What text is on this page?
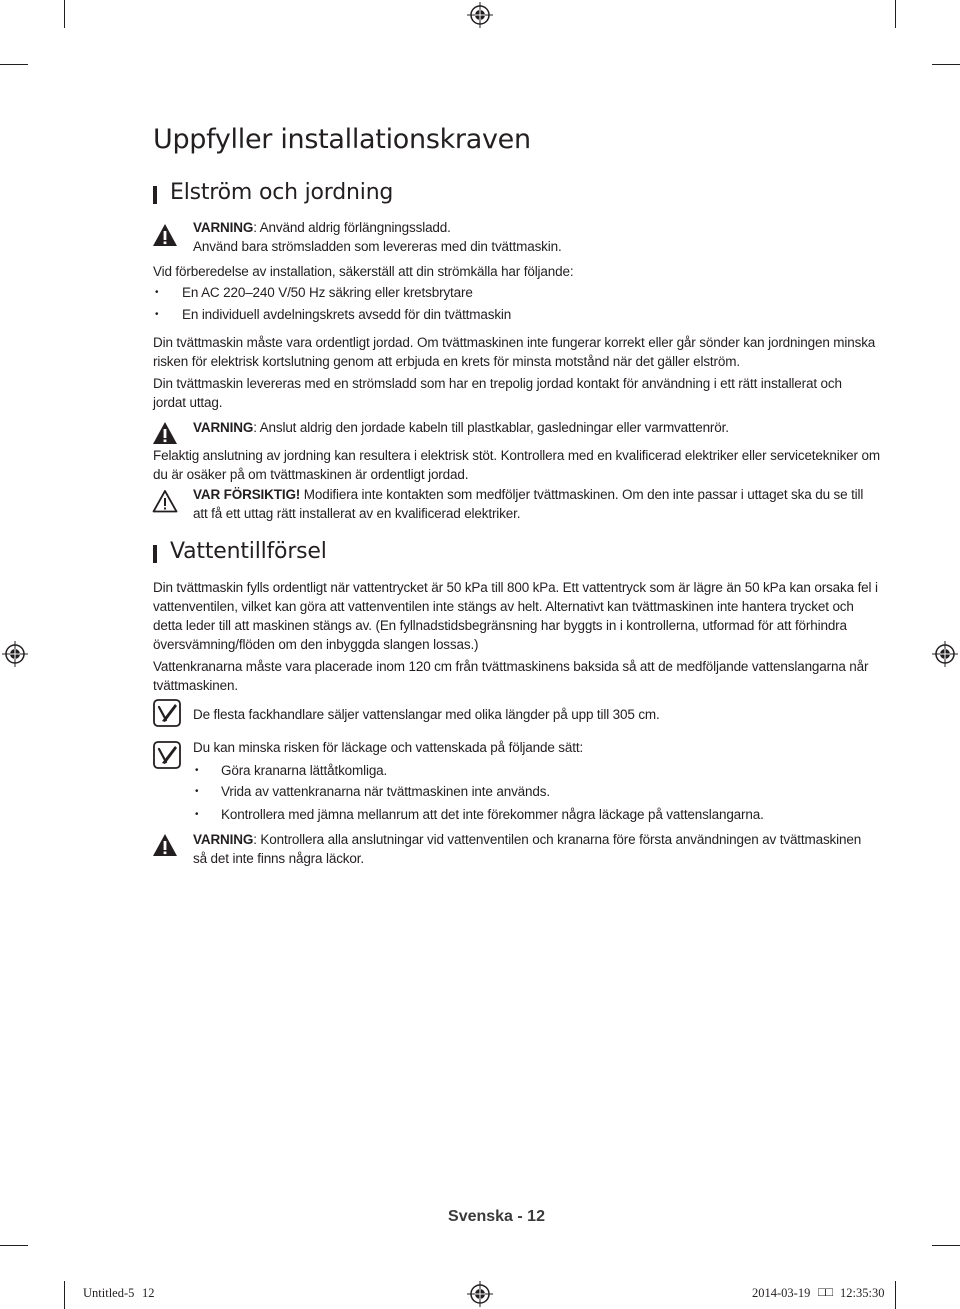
Uppfyller installationskraven
Elström och jordning
VARNING: Använd aldrig förlängningssladd.
Använd bara strömsladden som levereras med din tvättmaskin.
Vid förberedelse av installation, säkerställ att din strömkälla har följande:
• En AC 220–240 V/50 Hz säkring eller kretsbrytare
• En individuell avdelningskrets avsedd för din tvättmaskin
Din tvättmaskin måste vara ordentligt jordad. Om tvättmaskinen inte fungerar korrekt eller går sönder kan jordningen minska
risken för elektrisk kortslutning genom att erbjuda en krets för minsta motstånd när det gäller elström.
Din tvättmaskin levereras med en strömsladd som har en trepolig jordad kontakt för användning i ett rätt installerat och
jordat uttag.
VARNING: Anslut aldrig den jordade kabeln till plastkablar, gasledningar eller varmvattenrör.
Felaktig anslutning av jordning kan resultera i elektrisk stöt. Kontrollera med en kvalificerad elektriker eller servicetekniker om
du är osäker på om tvättmaskinen är ordentligt jordad.
VAR FÖRSIKTIG! Modifiera inte kontakten som medföljer tvättmaskinen. Om den inte passar i uttaget ska du se till
att få ett uttag rätt installerat av en kvalificerad elektriker.
Vattentillförsel
Din tvättmaskin fylls ordentligt när vattentrycket är 50 kPa till 800 kPa. Ett vattentryck som är lägre än 50 kPa kan orsaka fel i
vattenventilen, vilket kan göra att vattenventilen inte stängs av helt. Alternativt kan tvättmaskinen inte hantera trycket och
detta leder till att maskinen stängs av. (En fyllnadstidsbegränsning har byggts in i kontrollerna, utformad för att förhindra
översvämning/flöden om den inbyggda slangen lossas.)
Vattenkranarna måste vara placerade inom 120 cm från tvättmaskinens baksida så att de medföljande vattenslangarna når
tvättmaskinen.
De flesta fackhandlare säljer vattenslangar med olika längder på upp till 305 cm.
Du kan minska risken för läckage och vattenskada på följande sätt:
• Göra kranarna lättåtkomliga.
• Vrida av vattenkranarna när tvättmaskinen inte används.
• Kontrollera med jämna mellanrum att det inte förekommer några läckage på vattenslangarna.
VARNING: Kontrollera alla anslutningar vid vattenventilen och kranarna före första användningen av tvättmaskinen
så det inte finns några läckor.
Svenska - 12
Untitled-5 12	2014-03-19 □□ 12:35:30
